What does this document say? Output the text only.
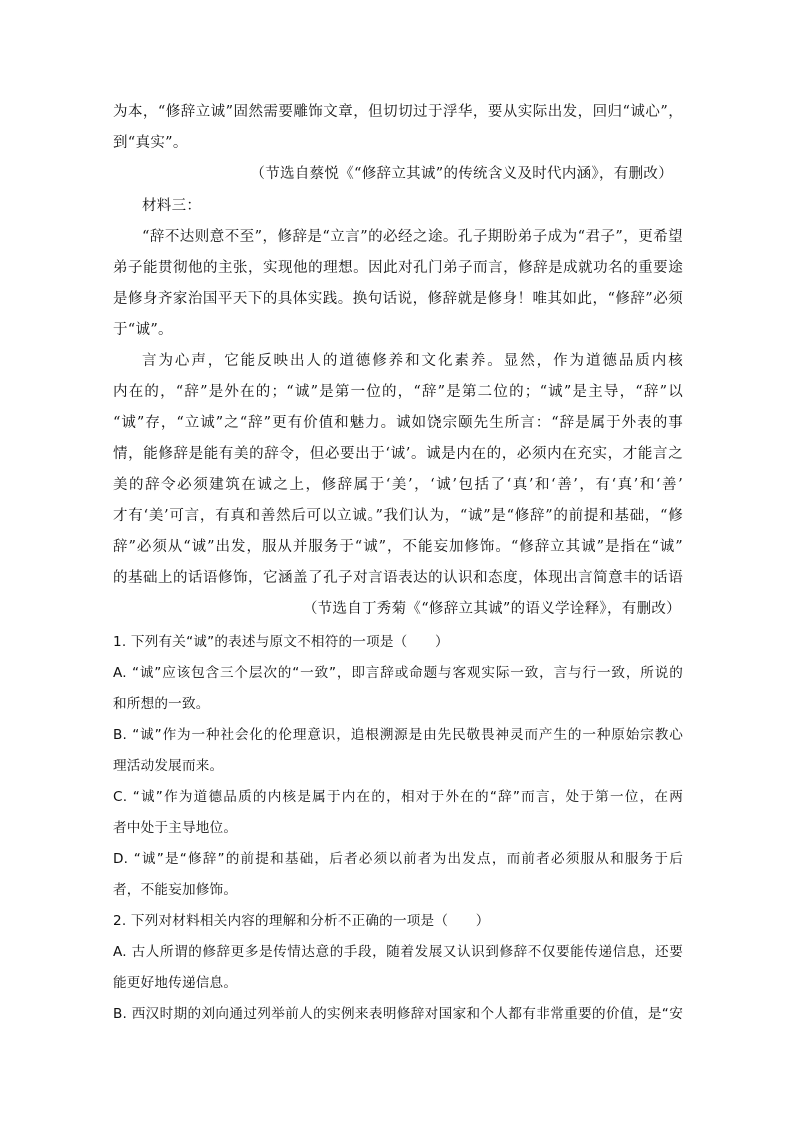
为本，“修辞立诚”固然需要雕饰文章，但切切过于浮华，要从实际出发，回归“诚心”，
到“真实”。
（节选自蔡悦《“修辞立其诚”的传统含义及时代内涵》，有删改）
材料三：
“辞不达则意不至”，修辞是“立言”的必经之途。孔子期盼弟子成为“君子”，更希望
弟子能贯彻他的主张，实现他的理想。因此对孔门弟子而言，修辞是成就功名的重要途
是修身齐家治国平天下的具体实践。换句话说，修辞就是修身！唯其如此，“修辞”必须
于“诚”。
言为心声，它能反映出人的道德修养和文化素养。显然，作为道德品质内核
内在的，“辞”是外在的；“诚”是第一位的，“辞”是第二位的；“诚”是主导，“辞”以
“诚”存，“立诚”之“辞”更有价值和魅力。诚如饶宗颐先生所言：“辞是属于外表的事
情，能修辞是能有美的辞令，但必要出于‘诚’。诚是内在的，必须内在充实，才能言之
美的辞令必须建筑在诚之上，修辞属于‘美’，‘诚’包括了‘真’和‘善’，有‘真’和‘善’
才有‘美’可言，有真和善然后可以立诚。”我们认为，“诚”是“修辞”的前提和基础，“修
辞”必须从“诚”出发，服从并服务于“诚”，不能妄加修饰。“修辞立其诚”是指在“诚”
的基础上的话语修饰，它涵盖了孔子对言语表达的认识和态度，体现出言简意丰的话语
（节选自丁秀菊《“修辞立其诚”的语义学诠释》，有删改）
1. 下列有关“诚”的表述与原文不相符的一项是（　　）
A. “诚”应该包含三个层次的“一致”，即言辞或命题与客观实际一致，言与行一致，所说的
和所想的一致。
B. “诚”作为一种社会化的伦理意识，追根溯源是由先民敬畏神灵而产生的一种原始宗教心
理活动发展而来。
C. “诚”作为道德品质的内核是属于内在的，相对于外在的“辞”而言，处于第一位，在两
者中处于主导地位。
D. “诚”是“修辞”的前提和基础，后者必须以前者为出发点，而前者必须服从和服务于后
者，不能妄加修饰。
2. 下列对材料相关内容的理解和分析不正确的一项是（　　）
A. 古人所谓的修辞更多是传情达意的手段，随着发展又认识到修辞不仅要能传递信息，还要
能更好地传递信息。
B. 西汉时期的刘向通过列举前人的实例来表明修辞对国家和个人都有非常重要的价值，是“安
